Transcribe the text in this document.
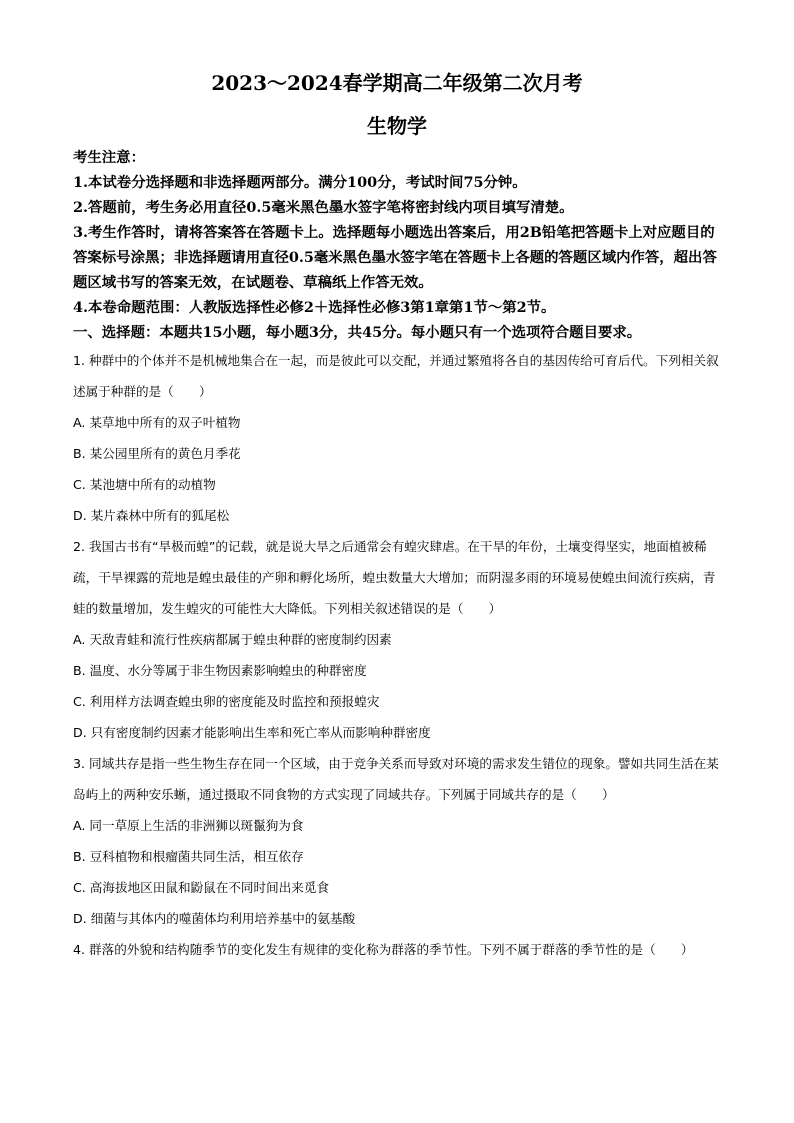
2023～2024春学期高二年级第二次月考
生物学

考生注意：

1.本试卷分选择题和非选择题两部分。满分100分，考试时间75分钟。

2.答题前，考生务必用直径0.5毫米黑色墨水签字笔将密封线内项目填写清楚。

3.考生作答时，请将答案答在答题卡上。选择题每小题选出答案后，用2B铅笔把答题卡上对应题目的答案标号涂黑；非选择题请用直径0.5毫米黑色墨水签字笔在答题卡上各题的答题区域内作答，超出答题区域书写的答案无效，在试题卷、草稿纸上作答无效。

4.本卷命题范围：人教版选择性必修2＋选择性必修3第1章第1节～第2节。

一、选择题：本题共15小题，每小题3分，共45分。每小题只有一个选项符合题目要求。

1. 种群中的个体并不是机械地集合在一起，而是彼此可以交配，并通过繁殖将各自的基因传给可育后代。下列相关叙述属于种群的是（　　）

A. 某草地中所有的双子叶植物

B. 某公园里所有的黄色月季花

C. 某池塘中所有的动植物

D. 某片森林中所有的狐尾松

2. 我国古书有“旱极而蝗”的记载，就是说大旱之后通常会有蝗灾肆虐。在干旱的年份，土壤变得坚实，地面植被稀疏，干旱裸露的荒地是蝗虫最佳的产卵和孵化场所，蝗虫数量大大增加；而阴湿多雨的环境易使蝗虫间流行疾病，青蛙的数量增加，发生蝗灾的可能性大大降低。下列相关叙述错误的是（　　）

A. 天敌青蛙和流行性疾病都属于蝗虫种群的密度制约因素

B. 温度、水分等属于非生物因素影响蝗虫的种群密度

C. 利用样方法调查蝗虫卵的密度能及时监控和预报蝗灾

D. 只有密度制约因素才能影响出生率和死亡率从而影响种群密度

3. 同域共存是指一些生物生存在同一个区域，由于竞争关系而导致对环境的需求发生错位的现象。譬如共同生活在某岛屿上的两种安乐蜥，通过摄取不同食物的方式实现了同域共存。下列属于同域共存的是（　　）

A. 同一草原上生活的非洲狮以斑鬣狗为食

B. 豆科植物和根瘤菌共同生活，相互依存

C. 高海拔地区田鼠和鼢鼠在不同时间出来觅食

D. 细菌与其体内的噬菌体均利用培养基中的氨基酸

4. 群落的外貌和结构随季节的变化发生有规律的变化称为群落的季节性。下列不属于群落的季节性的是（　　）
